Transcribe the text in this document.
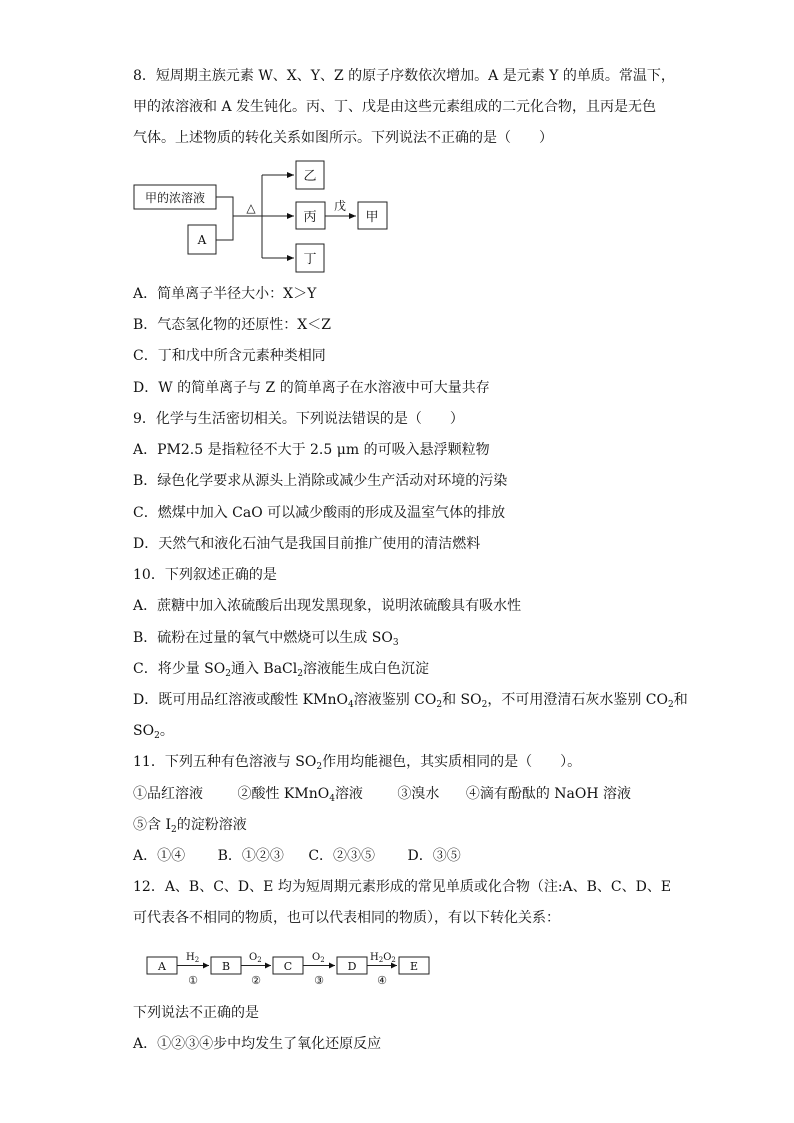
8．短周期主族元素 W、X、Y、Z 的原子序数依次增加。A 是元素 Y 的单质。常温下，
甲的浓溶液和 A 发生钝化。丙、丁、戊是由这些元素组成的二元化合物，且丙是无色
气体。上述物质的转化关系如图所示。下列说法不正确的是（　　）
甲的浓溶液
A
△
乙
丙
丁
戊
甲
A．简单离子半径大小：X＞Y
B．气态氢化物的还原性：X＜Z
C．丁和戊中所含元素种类相同
D．W 的简单离子与 Z 的简单离子在水溶液中可大量共存
9．化学与生活密切相关。下列说法错误的是（　　）
A．PM2.5 是指粒径不大于 2.5 μm 的可吸入悬浮颗粒物
B．绿色化学要求从源头上消除或减少生产活动对环境的污染
C．燃煤中加入 CaO 可以减少酸雨的形成及温室气体的排放
D．天然气和液化石油气是我国目前推广使用的清洁燃料
10．下列叙述正确的是
A．蔗糖中加入浓硫酸后出现发黑现象，说明浓硫酸具有吸水性
B．硫粉在过量的氧气中燃烧可以生成 $SO_3$
C．将少量 $SO_2$通入 BaCl$_2$溶液能生成白色沉淀
D．既可用品红溶液或酸性 KMnO$_4$溶液鉴别 $CO_2$和 $SO_2$，不可用澄清石灰水鉴别 $CO_2$和
$SO_2$。
11．下列五种有色溶液与 $SO_2$作用均能褪色，其实质相同的是（　　）。
①品红溶液 ②酸性 KMnO$_4$溶液 ③溴水 ④滴有酚酞的 NaOH 溶液
⑤含 $I_2$的淀粉溶液
A．①④ B．①②③ C．②③⑤ D．③⑤
12．A、B、C、D、E 均为短周期元素形成的常见单质或化合物（注:A、B、C、D、E
可代表各不相同的物质，也可以代表相同的物质），有以下转化关系：
A	B	C	D	E
$H_2$	$O_2$	$O_2$	$H_2O_2$
①	②	③	④
下列说法不正确的是
A．①②③④步中均发生了氧化还原反应
